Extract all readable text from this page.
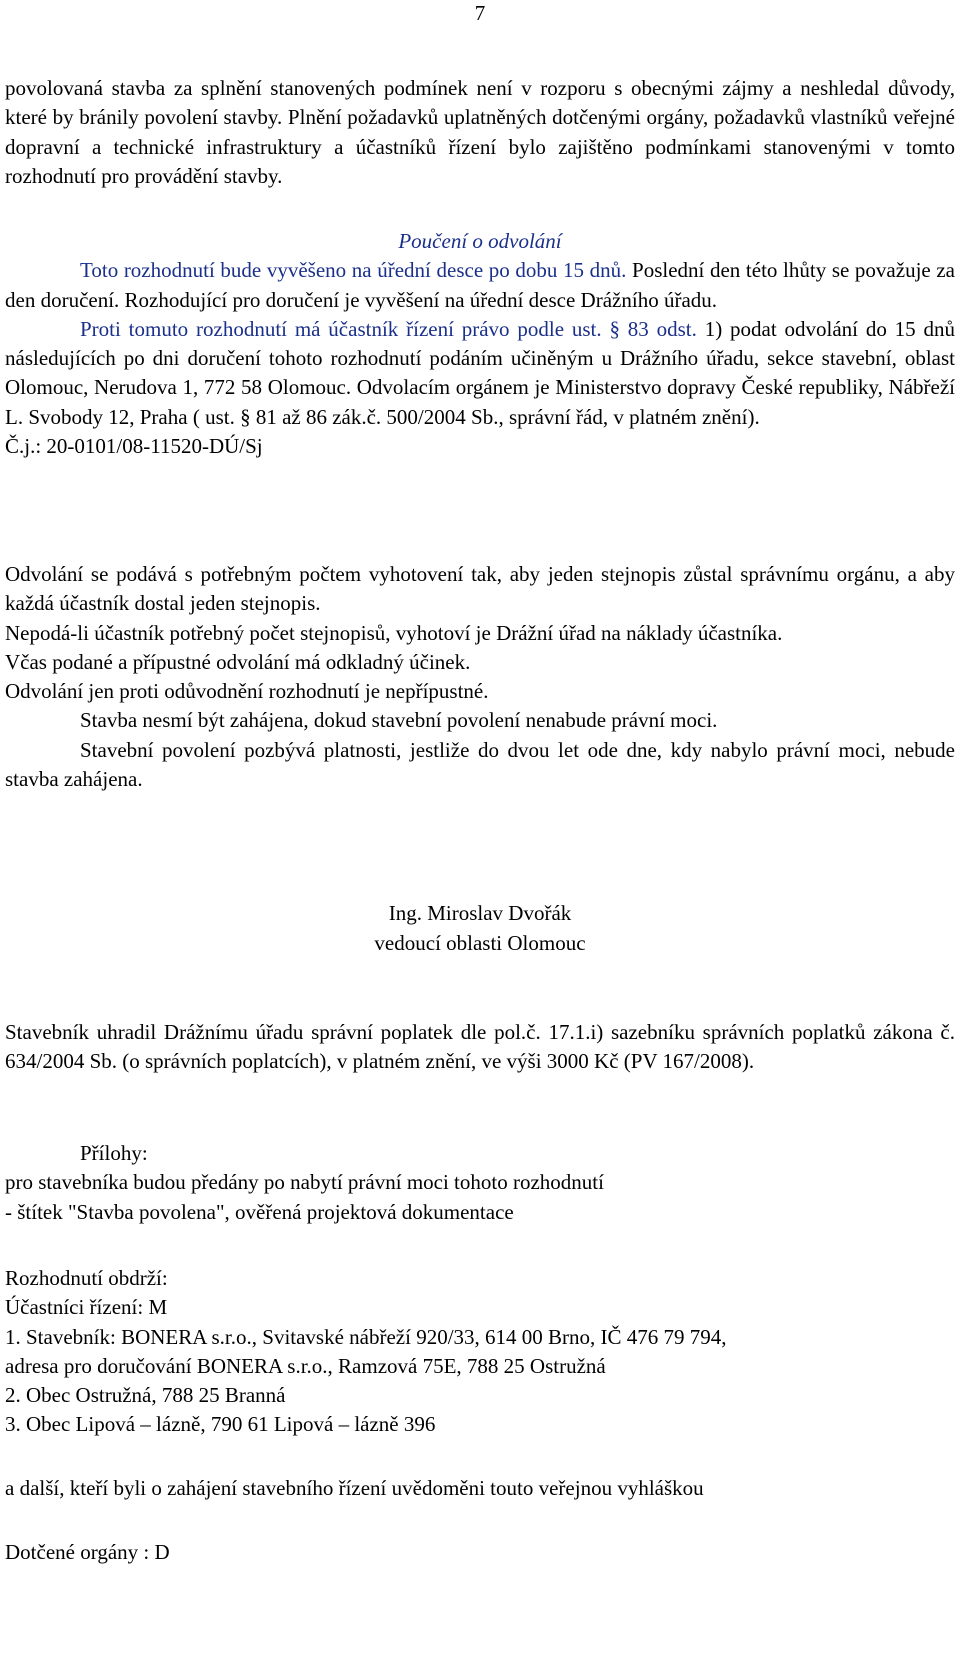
7
povolovaná stavba za splnění stanovených podmínek není v rozporu s obecnými zájmy a neshledal důvody, které by bránily povolení stavby. Plnění požadavků uplatněných dotčenými orgány, požadavků vlastníků veřejné dopravní a technické infrastruktury a účastníků řízení bylo zajištěno podmínkami stanovenými v tomto rozhodnutí pro provádění stavby.
Poučení o odvolání
Toto rozhodnutí bude vyvěšeno na úřední desce po dobu 15 dnů. Poslední den této lhůty se považuje za den doručení. Rozhodující pro doručení je vyvěšení na úřední desce Drážního úřadu.
Proti tomuto rozhodnutí má účastník řízení právo podle ust. § 83 odst. 1) podat odvolání do 15 dnů následujících po dni doručení tohoto rozhodnutí podáním učiněným u Drážního úřadu, sekce stavební, oblast Olomouc, Nerudova 1, 772 58 Olomouc. Odvolacím orgánem je Ministerstvo dopravy České republiky, Nábřeží L. Svobody 12, Praha ( ust. § 81 až 86 zák.č. 500/2004 Sb., správní řád, v platném znění).
Č.j.: 20-0101/08-11520-DÚ/Sj
Odvolání se podává s potřebným počtem vyhotovení tak, aby jeden stejnopis zůstal správnímu orgánu, a aby každá účastník dostal jeden stejnopis.
Nepodá-li účastník potřebný počet stejnopisů, vyhotoví je Drážní úřad na náklady účastníka.
Včas podané a přípustné odvolání má odkladný účinek.
Odvolání jen proti odůvodnění rozhodnutí je nepřípustné.
Stavba nesmí být zahájena, dokud stavební povolení nenabude právní moci.
Stavební povolení pozbývá platnosti, jestliže do dvou let ode dne, kdy nabylo právní moci, nebude stavba zahájena.
Ing. Miroslav Dvořák
vedoucí oblasti Olomouc
Stavebník uhradil Drážnímu úřadu správní poplatek dle pol.č. 17.1.i) sazebníku správních poplatků zákona č. 634/2004 Sb. (o správních poplatcích), v platném znění, ve výši 3000 Kč (PV 167/2008).
Přílohy:
pro stavebníka budou předány po nabytí právní moci tohoto rozhodnutí
- štítek "Stavba povolena", ověřená projektová dokumentace
Rozhodnutí obdrží:
Účastníci řízení: M
1. Stavebník: BONERA s.r.o., Svitavské nábřeží 920/33, 614 00 Brno, IČ 476 79 794,
adresa pro doručování BONERA s.r.o., Ramzová 75E, 788 25 Ostružná
2. Obec Ostružná, 788 25 Branná
3. Obec Lipová – lázně, 790 61 Lipová – lázně 396
a další, kteří byli o zahájení stavebního řízení uvědoměni touto veřejnou vyhláškou
Dotčené orgány : D
